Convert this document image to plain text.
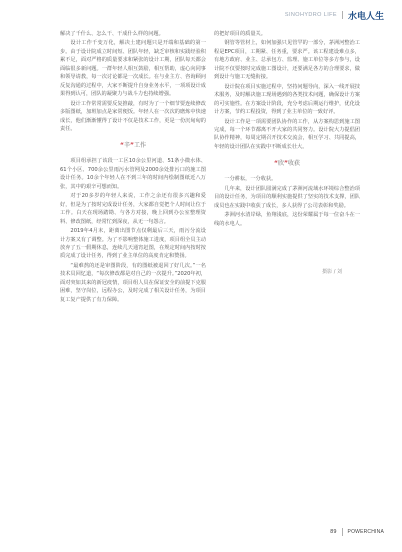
SINOHYDRO LIFE 水电人生

解决了千什么、怎么干、干成什么样的问题。

设计工作千变万化，解决土建问题只是开端和基础的第一步。由于设计院成立时间短、团队年轻，缺乏审核和实践经验积累不足，面对严格的质量要求和紧张的设计工期，团队每天都会面临很多新问题。一群年轻人相互鼓励，相互帮助，虚心向同事和领导请教，每一次讨论都是一次成长。在与业主方、咨询顾问反复沟通的过程中，大家不断提升自身业务水平，一项项设计成果得到认可，团队的凝聚力与战斗力也持续增强。

设计工作常常需要反复推敲，有时为了一个细节要连续修改多版图纸，加班加点是家常便饭。年轻人在一次次的磨炼中快速成长，他们渐渐懂得了设计不仅是技术工作，更是一份沉甸甸的责任。

“辛”工作

项目组承担了该段一工区10余公里河道、51条小微水体、61个小区、700余公里雨污水管网及2000余处排污口的施工图设计任务。10余个年轻人在不到三年的时间内绘制图纸近八万张，其中的艰辛可想而知。

对于20多岁的年轻人来说，工作之余还有很多兴趣和爱好，但是为了按时完成设计任务，大家都自觉把个人时间让位于工作。白天在现场踏勘、与各方对接，晚上回到办公室整理资料、修改图纸，经常忙到深夜，从无一句怨言。

2019年4月末，距离出图节点仅剩最后三天，雨污分流设计方案又有了调整。为了不影响整体施工进度，项目组全员主动放弃了五一假期休息，连续几天通宵赶图，在规定时间内按时按质完成了设计任务，得到了业主单位的高度肯定和赞扬。

“最难熬的还是审图阶段，有的图纸被退回了好几次。”一名技术员回忆道，“每次修改都是对自己的一次提升。”2020年初，面对突如其来的新冠疫情，项目组人员在保证安全的前提下克服困难，坚守岗位，远程办公，及时完成了相关设计任务，为项目复工复产提供了有力保障。

的把好项目的质量关。

钢管等管材上，如何加强只见管罕的一部分，茅洲河整治工程是EPC项目，工期紧、任务重，要求严。该工程建设难点多，有地方政府、业主、总承包方、监理、施工单位等多方参与，设计院不仅要按时完成施工图设计，还要满足各方的合理要求，做到设计与施工无缝衔接。

设计院在项目实施过程中，坚持问题导向，深入一线开展技术服务，及时解决施工现场遇到的各类技术问题，确保设计方案的可实施性。在方案设计阶段，充分考虑后期运行维护，优化设计方案，节约工程投资，得到了业主单位的一致好评。

设计工作是一项需要团队协作的工作，从方案构思到施工图完成，每一个环节都离不开大家的共同努力。设计院大力提倡团队协作精神，每周定期召开技术交流会，相互学习、共同提高，年轻的设计团队在实践中不断成长壮大。

“欣”收获

一分耕耘，一分收获。

几年来，设计团队圆满完成了茅洲河流域水环境综合整治项目的设计任务，为项目的顺利实施提供了坚实的技术支撑，团队成员也在实践中收获了成长，多人获得了公司表彰和奖励。

茅洲河水清岸绿，鱼翔浅底，这份荣耀属于每一位奋斗在一线的水电人。

摄影 / 刘
89 POWERCHINA
